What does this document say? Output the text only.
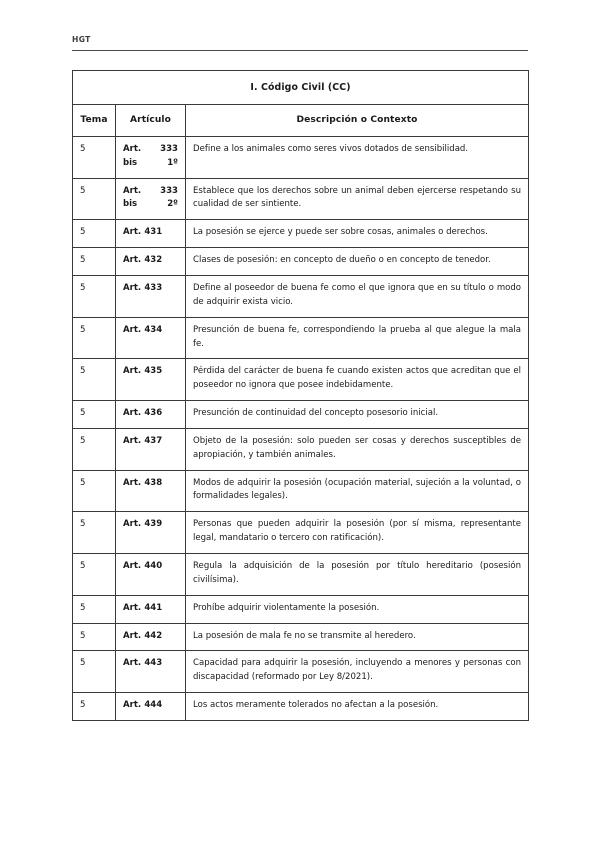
HGT
I. Código Civil (CC)		
Tema	Artículo	Descripción o Contexto
5	Art. 333 bis 1º	Define a los animales como seres vivos dotados de sensibilidad.
5	Art. 333 bis 2º	Establece que los derechos sobre un animal deben ejercerse respetando su cualidad de ser sintiente.
5	Art. 431	La posesión se ejerce y puede ser sobre cosas, animales o derechos.
5	Art. 432	Clases de posesión: en concepto de dueño o en concepto de tenedor.
5	Art. 433	Define al poseedor de buena fe como el que ignora que en su título o modo de adquirir exista vicio.
5	Art. 434	Presunción de buena fe, correspondiendo la prueba al que alegue la mala fe.
5	Art. 435	Pérdida del carácter de buena fe cuando existen actos que acreditan que el poseedor no ignora que posee indebidamente.
5	Art. 436	Presunción de continuidad del concepto posesorio inicial.
5	Art. 437	Objeto de la posesión: solo pueden ser cosas y derechos susceptibles de apropiación, y también animales.
5	Art. 438	Modos de adquirir la posesión (ocupación material, sujeción a la voluntad, o formalidades legales).
5	Art. 439	Personas que pueden adquirir la posesión (por sí misma, representante legal, mandatario o tercero con ratificación).
5	Art. 440	Regula la adquisición de la posesión por título hereditario (posesión civilísima).
5	Art. 441	Prohíbe adquirir violentamente la posesión.
5	Art. 442	La posesión de mala fe no se transmite al heredero.
5	Art. 443	Capacidad para adquirir la posesión, incluyendo a menores y personas con discapacidad (reformado por Ley 8/2021).
5	Art. 444	Los actos meramente tolerados no afectan a la posesión.
